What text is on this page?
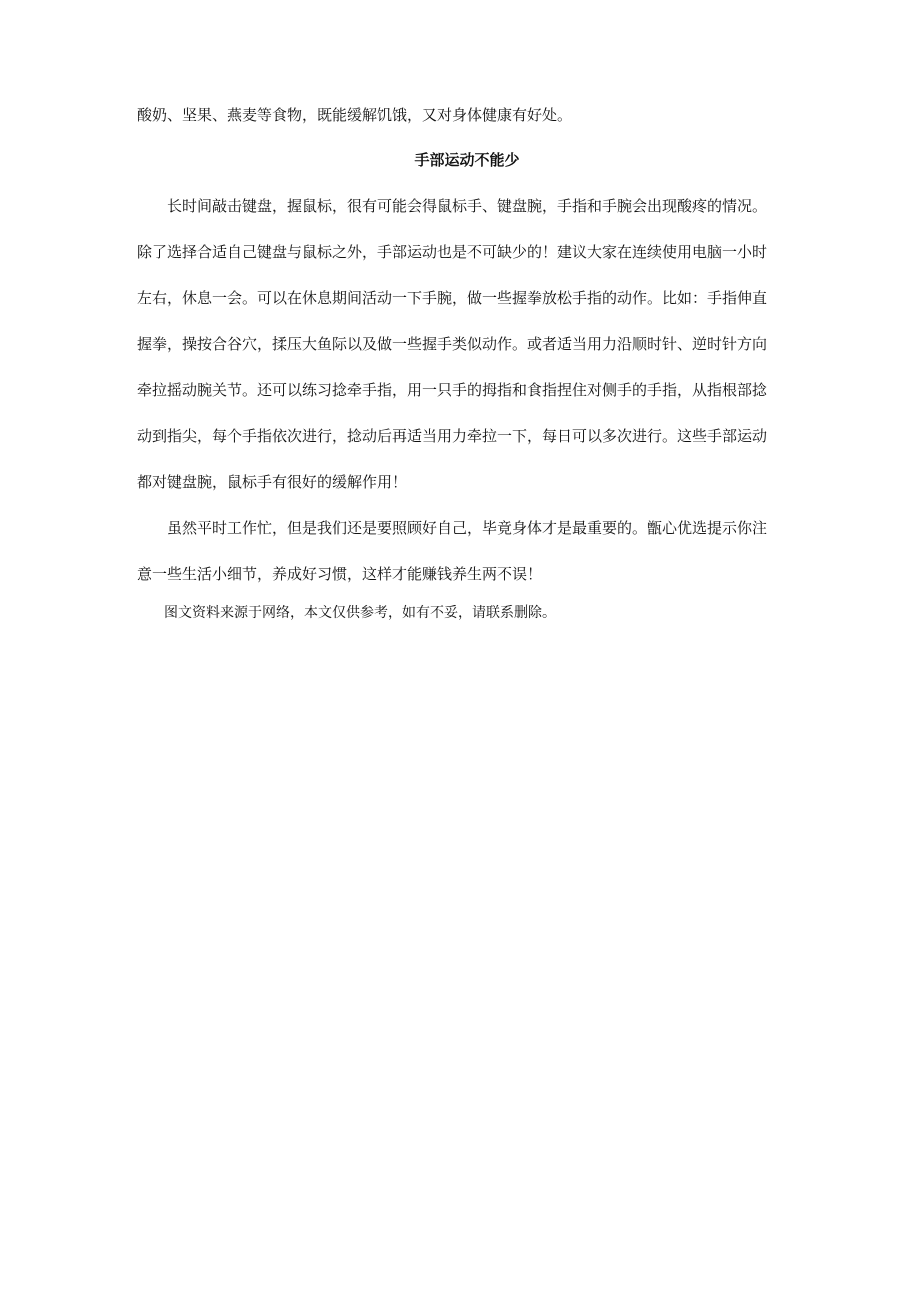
酸奶、坚果、燕麦等食物，既能缓解饥饿，又对身体健康有好处。

手部运动不能少

长时间敲击键盘，握鼠标，很有可能会得鼠标手、键盘腕，手指和手腕会出现酸疼的情况。

除了选择合适自己键盘与鼠标之外，手部运动也是不可缺少的！建议大家在连续使用电脑一小时

左右，休息一会。可以在休息期间活动一下手腕，做一些握拳放松手指的动作。比如：手指伸直

握拳，操按合谷穴，揉压大鱼际以及做一些握手类似动作。或者适当用力沿顺时针、逆时针方向

牵拉摇动腕关节。还可以练习捻牵手指，用一只手的拇指和食指捏住对侧手的手指，从指根部捻

动到指尖，每个手指依次进行，捻动后再适当用力牵拉一下，每日可以多次进行。这些手部运动

都对键盘腕，鼠标手有很好的缓解作用！

虽然平时工作忙，但是我们还是要照顾好自己，毕竟身体才是最重要的。甑心优选提示你注

意一些生活小细节，养成好习惯，这样才能赚钱养生两不误！

图文资料来源于网络，本文仅供参考，如有不妥，请联系删除。
